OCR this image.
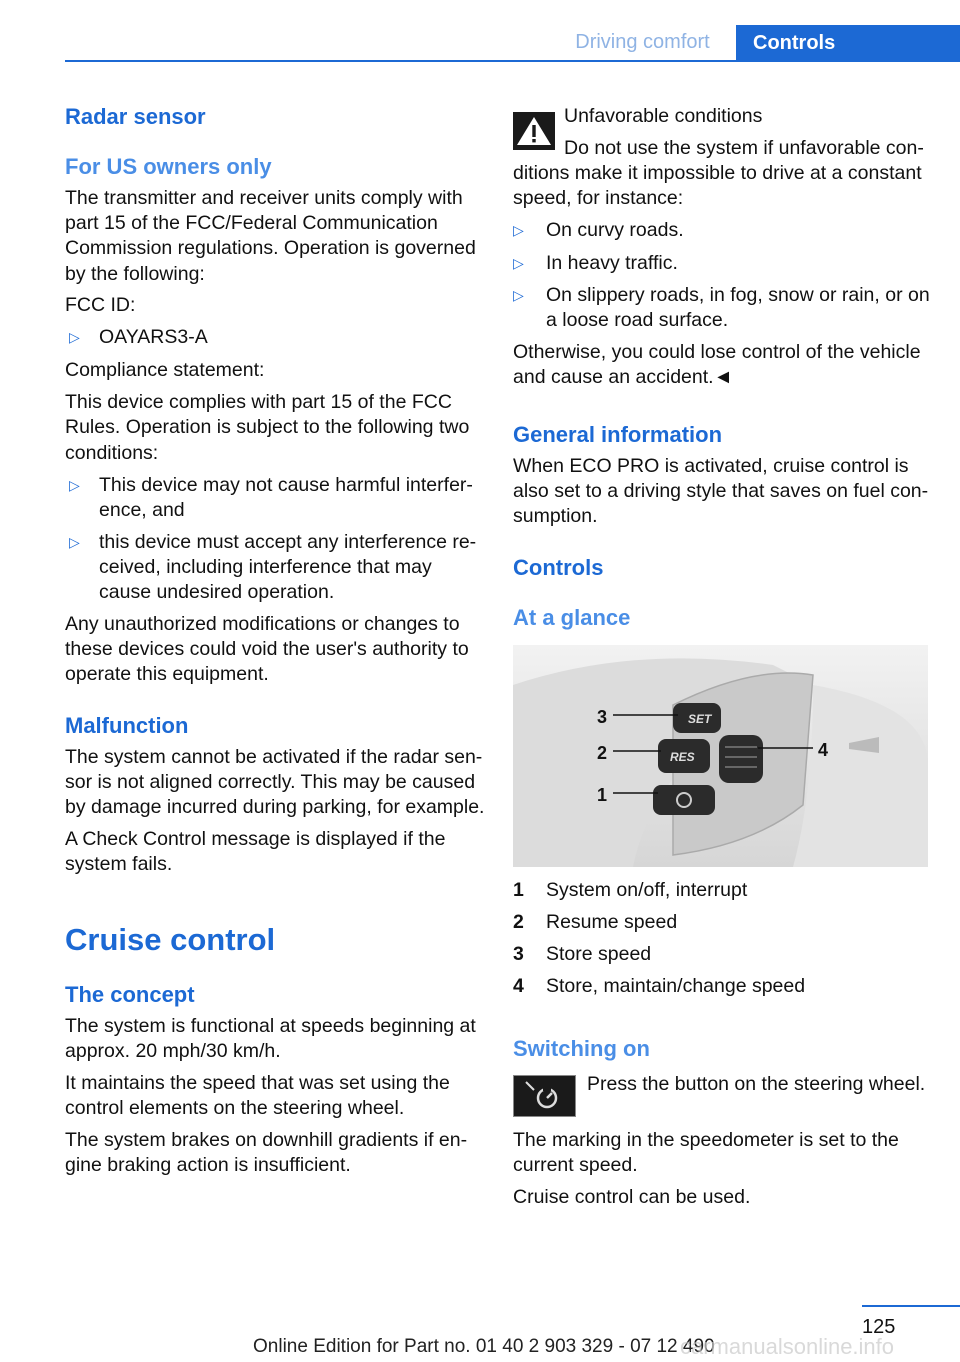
Driving comfort	Controls
Radar sensor
For US owners only
The transmitter and receiver units comply with
part 15 of the FCC/Federal Communication
Commission regulations. Operation is governed
by the following:
FCC ID:
▷ OAYARS3-A
Compliance statement:
This device complies with part 15 of the FCC
Rules. Operation is subject to the following two
conditions:
▷ This device may not cause harmful interfer‐
ence, and
▷ this device must accept any interference re‐
ceived, including interference that may
cause undesired operation.
Any unauthorized modifications or changes to
these devices could void the user's authority to
operate this equipment.
Malfunction
The system cannot be activated if the radar sen‐
sor is not aligned correctly. This may be caused
by damage incurred during parking, for example.
A Check Control message is displayed if the
system fails.
Cruise control
The concept
The system is functional at speeds beginning at
approx. 20 mph/30 km/h.
It maintains the speed that was set using the
control elements on the steering wheel.
The system brakes on downhill gradients if en‐
gine braking action is insufficient.
Unfavorable conditions
Do not use the system if unfavorable con‐
ditions make it impossible to drive at a constant
speed, for instance:
▷ On curvy roads.
▷ In heavy traffic.
▷ On slippery roads, in fog, snow or rain, or on
a loose road surface.
Otherwise, you could lose control of the vehicle
and cause an accident.◄
General information
When ECO PRO is activated, cruise control is
also set to a driving style that saves on fuel con‐
sumption.
Controls
At a glance
SET
RES
3
2
1
4
1 System on/off, interrupt
2 Resume speed
3 Store speed
4 Store, maintain/change speed
Switching on
Press the button on the steering wheel.
The marking in the speedometer is set to the
current speed.
Cruise control can be used.
125
Online Edition for Part no. 01 40 2 903 329 - 07 12 490
carmanualsonline.info
